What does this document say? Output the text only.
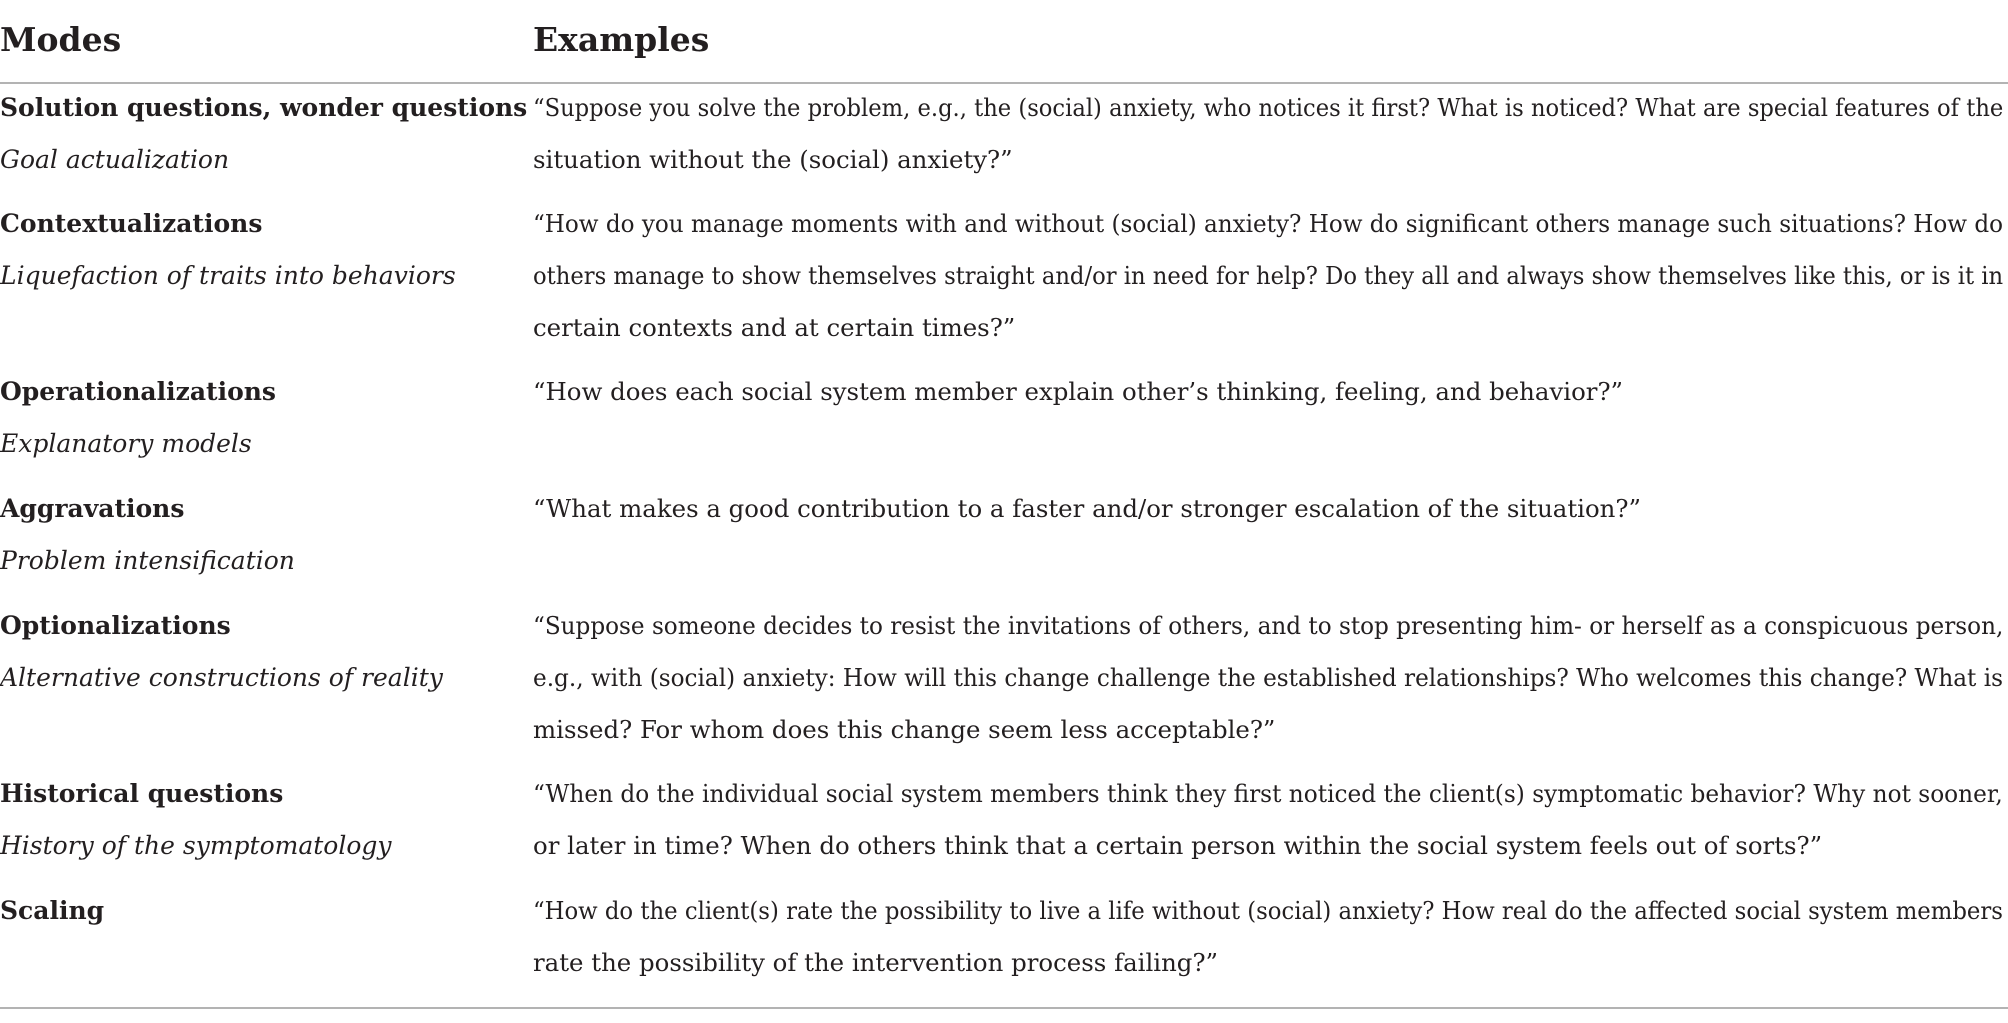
Modes	Examples
Solution questions, wonder questions
Goal actualization
“Suppose you solve the problem, e.g., the (social) anxiety, who notices it first? What is noticed? What are special features of the
situation without the (social) anxiety?”
Contextualizations
Liquefaction of traits into behaviors
“How do you manage moments with and without (social) anxiety? How do significant others manage such situations? How do
others manage to show themselves straight and/or in need for help? Do they all and always show themselves like this, or is it in
certain contexts and at certain times?”
Operationalizations
Explanatory models
“How does each social system member explain other’s thinking, feeling, and behavior?”
Aggravations
Problem intensification
“What makes a good contribution to a faster and/or stronger escalation of the situation?”
Optionalizations
Alternative constructions of reality
“Suppose someone decides to resist the invitations of others, and to stop presenting him- or herself as a conspicuous person,
e.g., with (social) anxiety: How will this change challenge the established relationships? Who welcomes this change? What is
missed? For whom does this change seem less acceptable?”
Historical questions
History of the symptomatology
“When do the individual social system members think they first noticed the client(s) symptomatic behavior? Why not sooner,
or later in time? When do others think that a certain person within the social system feels out of sorts?”
Scaling	“How do the client(s) rate the possibility to live a life without (social) anxiety? How real do the affected social system members
rate the possibility of the intervention process failing?”
